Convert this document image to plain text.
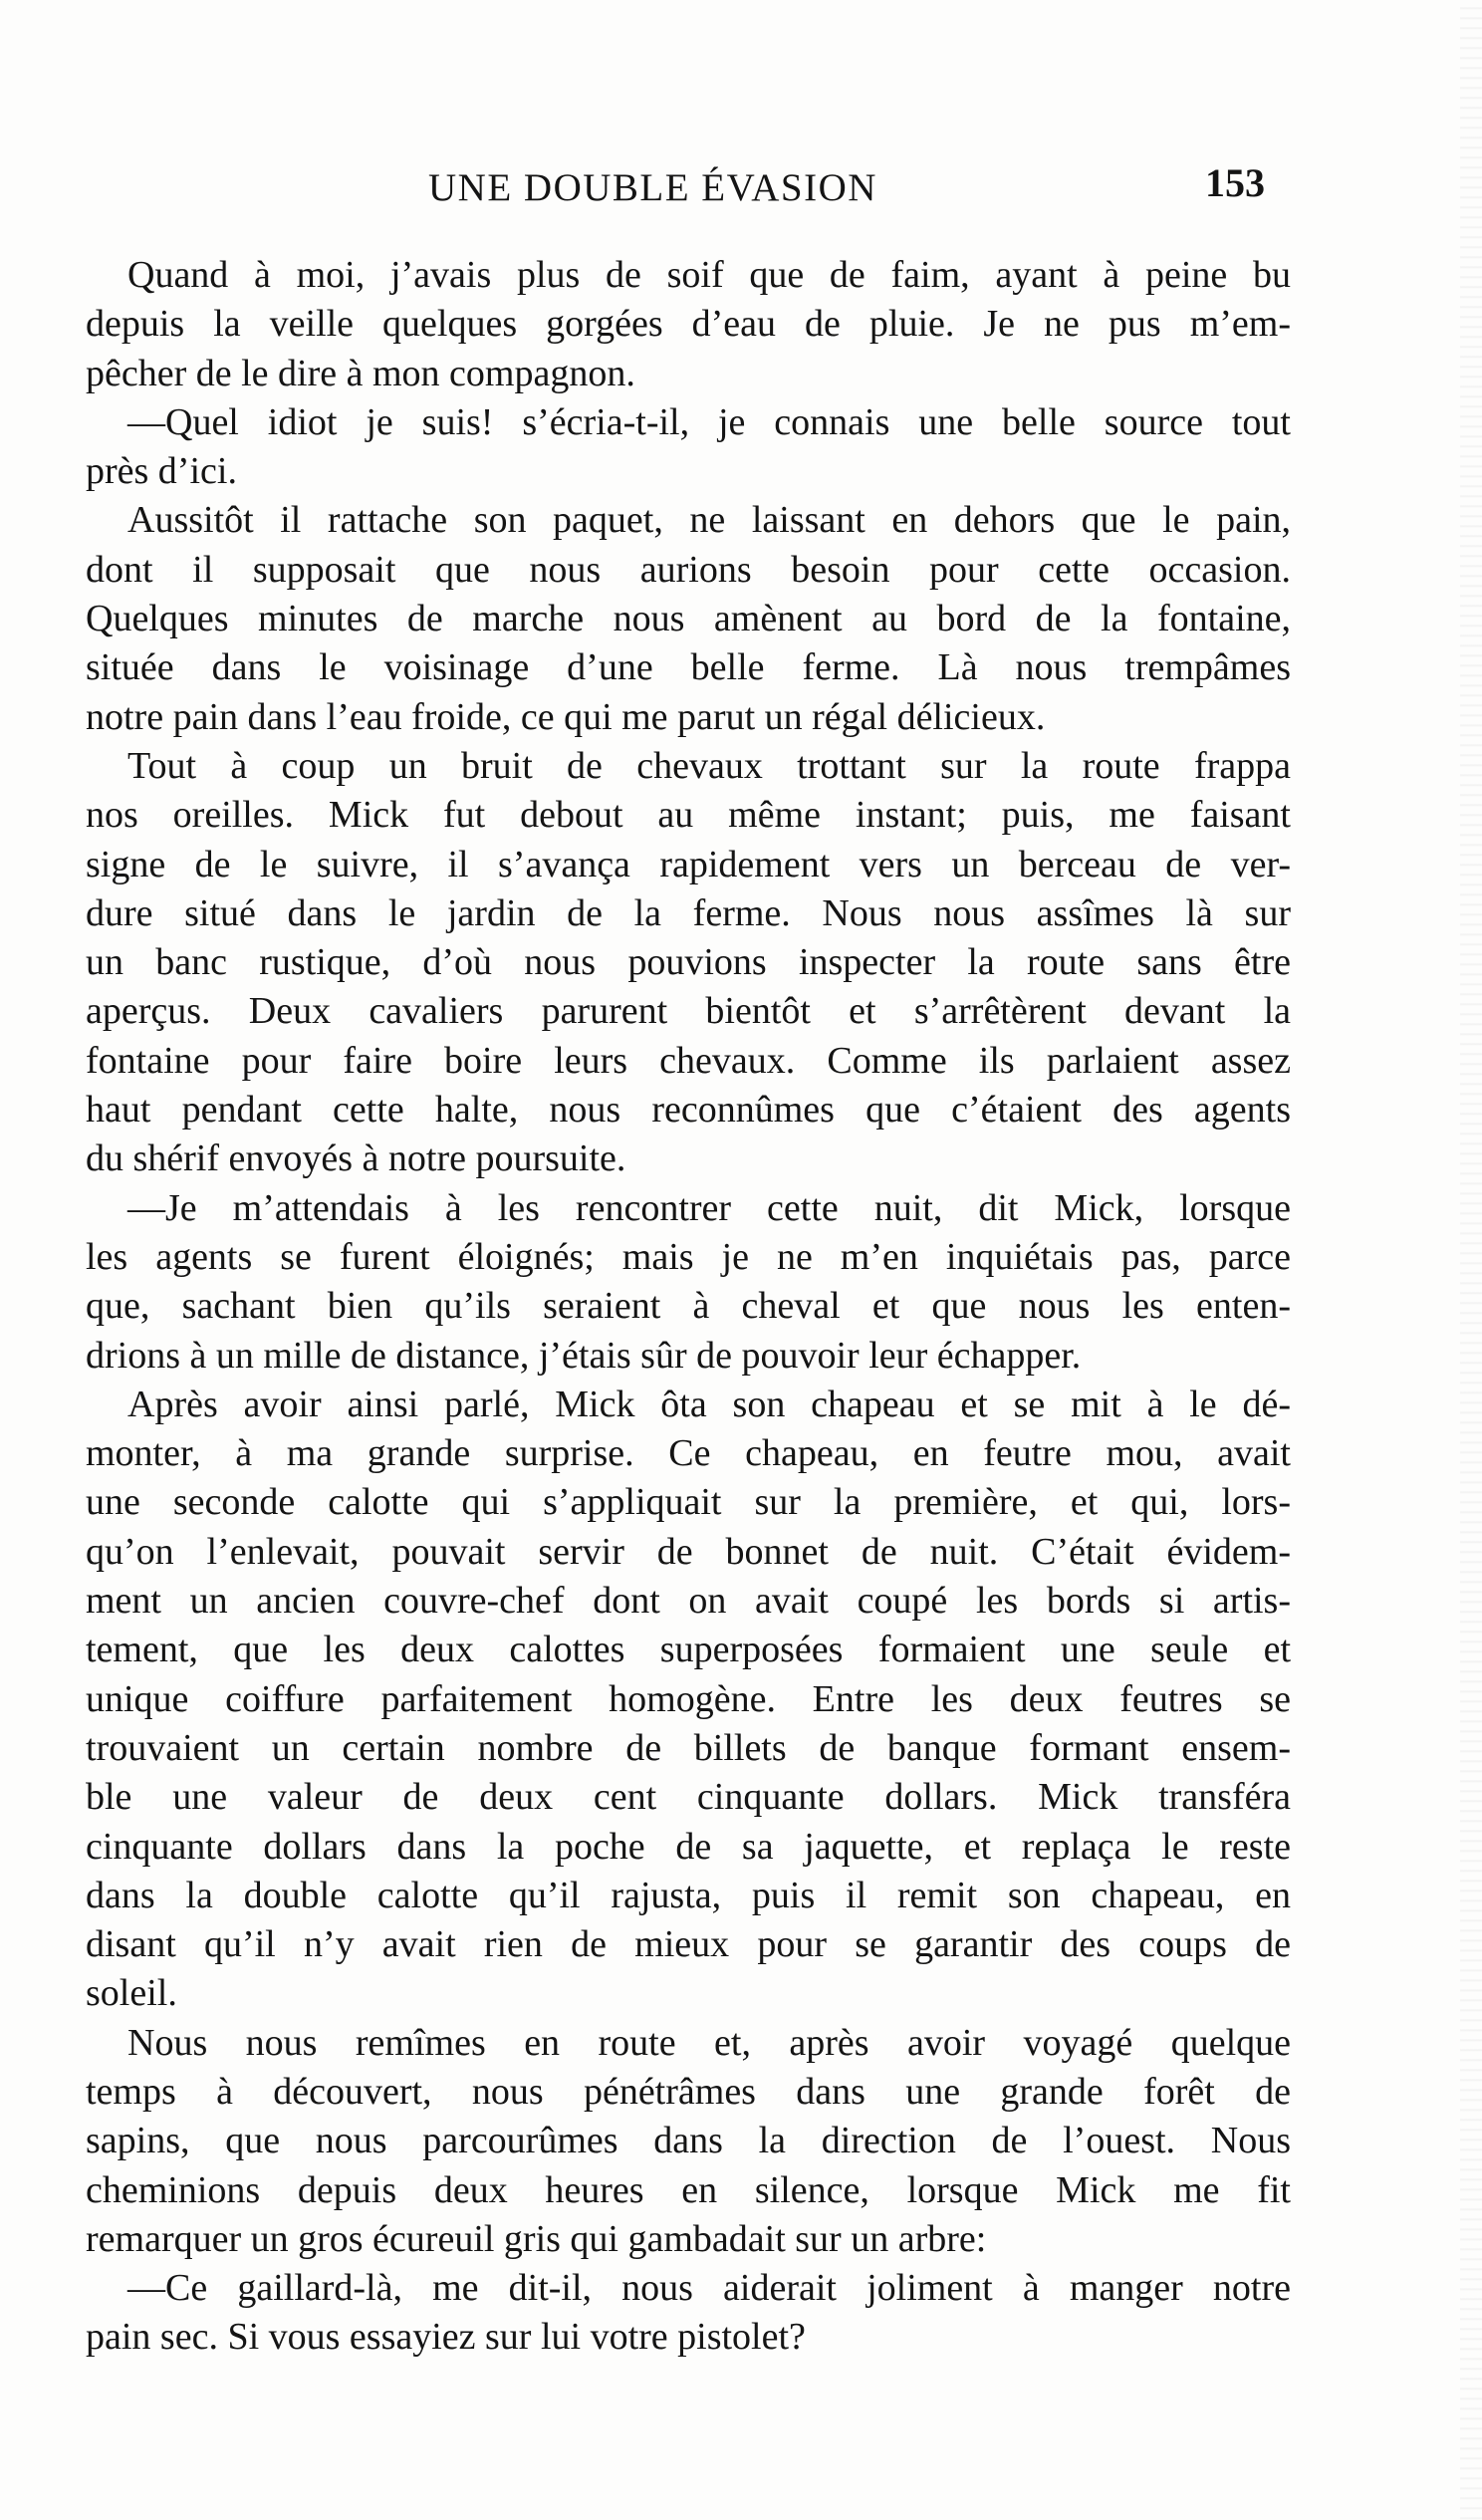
UNE DOUBLE ÉVASION	153
Quand à moi, j’avais plus de soif que de faim, ayant à peine bu
depuis la veille quelques gorgées d’eau de pluie. Je ne pus m’em-
pêcher de le dire à mon compagnon.
—Quel idiot je suis! s’écria-t-il, je connais une belle source tout
près d’ici.
Aussitôt il rattache son paquet, ne laissant en dehors que le pain,
dont il supposait que nous aurions besoin pour cette occasion.
Quelques minutes de marche nous amènent au bord de la fontaine,
située dans le voisinage d’une belle ferme. Là nous trempâmes
notre pain dans l’eau froide, ce qui me parut un régal délicieux.
Tout à coup un bruit de chevaux trottant sur la route frappa
nos oreilles. Mick fut debout au même instant; puis, me faisant
signe de le suivre, il s’avança rapidement vers un berceau de ver-
dure situé dans le jardin de la ferme. Nous nous assîmes là sur
un banc rustique, d’où nous pouvions inspecter la route sans être
aperçus. Deux cavaliers parurent bientôt et s’arrêtèrent devant la
fontaine pour faire boire leurs chevaux. Comme ils parlaient assez
haut pendant cette halte, nous reconnûmes que c’étaient des agents
du shérif envoyés à notre poursuite.
—Je m’attendais à les rencontrer cette nuit, dit Mick, lorsque
les agents se furent éloignés; mais je ne m’en inquiétais pas, parce
que, sachant bien qu’ils seraient à cheval et que nous les enten-
drions à un mille de distance, j’étais sûr de pouvoir leur échapper.
Après avoir ainsi parlé, Mick ôta son chapeau et se mit à le dé-
monter, à ma grande surprise. Ce chapeau, en feutre mou, avait
une seconde calotte qui s’appliquait sur la première, et qui, lors-
qu’on l’enlevait, pouvait servir de bonnet de nuit. C’était évidem-
ment un ancien couvre-chef dont on avait coupé les bords si artis-
tement, que les deux calottes superposées formaient une seule et
unique coiffure parfaitement homogène. Entre les deux feutres se
trouvaient un certain nombre de billets de banque formant ensem-
ble une valeur de deux cent cinquante dollars. Mick transféra
cinquante dollars dans la poche de sa jaquette, et replaça le reste
dans la double calotte qu’il rajusta, puis il remit son chapeau, en
disant qu’il n’y avait rien de mieux pour se garantir des coups de
soleil.
Nous nous remîmes en route et, après avoir voyagé quelque
temps à découvert, nous pénétrâmes dans une grande forêt de
sapins, que nous parcourûmes dans la direction de l’ouest. Nous
cheminions depuis deux heures en silence, lorsque Mick me fit
remarquer un gros écureuil gris qui gambadait sur un arbre:
—Ce gaillard-là, me dit-il, nous aiderait joliment à manger notre
pain sec. Si vous essayiez sur lui votre pistolet?
